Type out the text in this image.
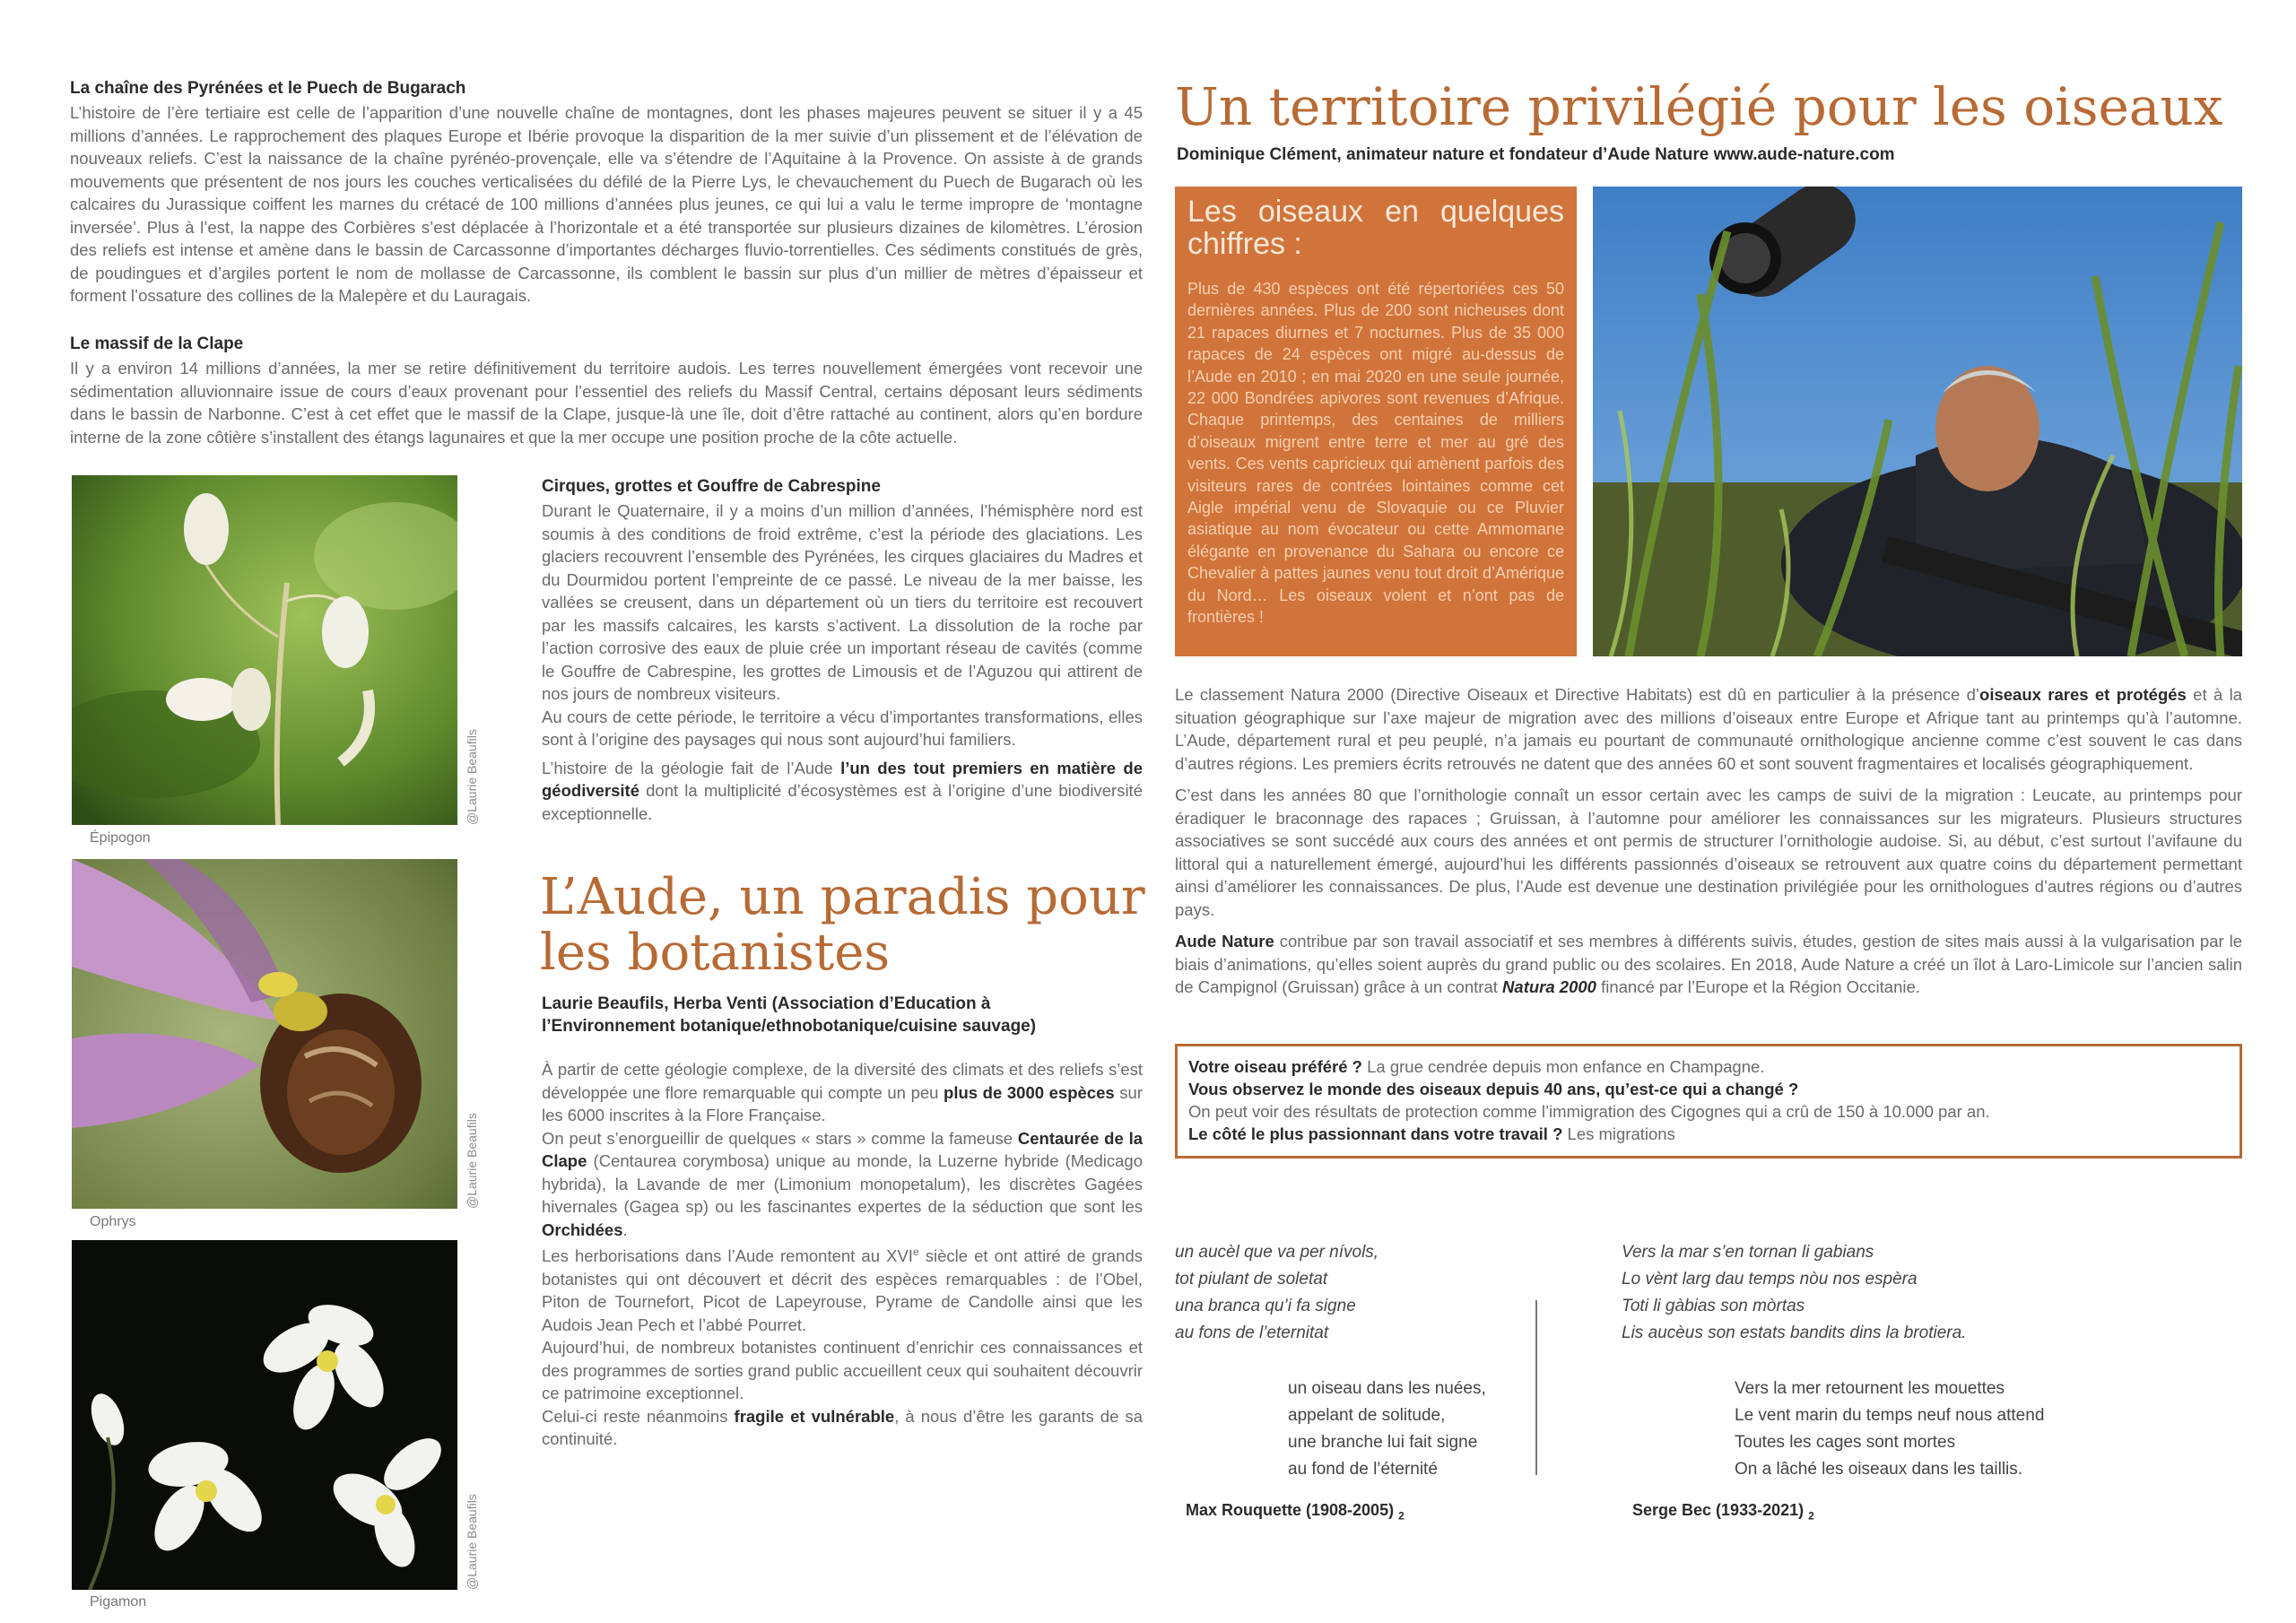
La chaîne des Pyrénées et le Puech de Bugarach

L’histoire de l’ère tertiaire est celle de l’apparition d’une nouvelle chaîne de montagnes, dont les phases majeures peuvent se situer il y a 45 millions d’années. Le rapprochement des plaques Europe et Ibérie provoque la disparition de la mer suivie d’un plissement et de l’élévation de nouveaux reliefs. C’est la naissance de la chaîne pyrénéo-provençale, elle va s’étendre de l’Aquitaine à la Provence. On assiste à de grands mouvements que présentent de nos jours les couches verticalisées du défilé de la Pierre Lys, le chevauchement du Puech de Bugarach où les calcaires du Jurassique coiffent les marnes du crétacé de 100 millions d’années plus jeunes, ce qui lui a valu le terme impropre de ‘montagne inversée’. Plus à l’est, la nappe des Corbières s’est déplacée à l’horizontale et a été transportée sur plusieurs dizaines de kilomètres. L’érosion des reliefs est intense et amène dans le bassin de Carcassonne d’importantes décharges fluvio-torrentielles. Ces sédiments constitués de grès, de poudingues et d’argiles portent le nom de mollasse de Carcassonne, ils comblent le bassin sur plus d’un millier de mètres d’épaisseur et forment l’ossature des collines de la Malepère et du Lauragais.

Le massif de la Clape

Il y a environ 14 millions d’années, la mer se retire définitivement du territoire audois. Les terres nouvellement émergées vont recevoir une sédimentation alluvionnaire issue de cours d’eaux provenant pour l’essentiel des reliefs du Massif Central, certains déposant leurs sédiments dans le bassin de Narbonne. C’est à cet effet que le massif de la Clape, jusque-là une île, doit d’être rattaché au continent, alors qu’en bordure interne de la zone côtière s’installent des étangs lagunaires et que la mer occupe une position proche de la côte actuelle.

@Laurie Beaufils
Épipogon
@Laurie Beaufils
Ophrys
@Laurie Beaufils
Pigamon
Cirques, grottes et Gouffre de Cabrespine

Durant le Quaternaire, il y a moins d’un million d’années, l’hémisphère nord est soumis à des conditions de froid extrême, c’est la période des glaciations. Les glaciers recouvrent l’ensemble des Pyrénées, les cirques glaciaires du Madres et du Dourmidou portent l’empreinte de ce passé. Le niveau de la mer baisse, les vallées se creusent, dans un département où un tiers du territoire est recouvert par les massifs calcaires, les karsts s’activent. La dissolution de la roche par l’action corrosive des eaux de pluie crée un important réseau de cavités (comme le Gouffre de Cabrespine, les grottes de Limousis et de l’Aguzou qui attirent de nos jours de nombreux visiteurs.

Au cours de cette période, le territoire a vécu d’importantes transformations, elles sont à l’origine des paysages qui nous sont aujourd’hui familiers.

L’histoire de la géologie fait de l’Aude l’un des tout premiers en matière de géodiversité dont la multiplicité d’écosystèmes est à l’origine d’une biodiversité exceptionnelle.

L’Aude, un paradis pour
les botanistes
Laurie Beaufils, Herba Venti (Association d’Education à l’Environnement botanique/ethnobotanique/cuisine sauvage)

À partir de cette géologie complexe, de la diversité des climats et des reliefs s’est développée une flore remarquable qui compte un peu plus de 3000 espèces sur les 6000 inscrites à la Flore Française.

On peut s’enorgueillir de quelques « stars » comme la fameuse Centaurée de la Clape (Centaurea corymbosa) unique au monde, la Luzerne hybride (Medicago hybrida), la Lavande de mer (Limonium monopetalum), les discrètes Gagées hivernales (Gagea sp) ou les fascinantes expertes de la séduction que sont les Orchidées.

Les herborisations dans l’Aude remontent au XVIe siècle et ont attiré de grands botanistes qui ont découvert et décrit des espèces remarquables : de l’Obel, Piton de Tournefort, Picot de Lapeyrouse, Pyrame de Candolle ainsi que les Audois Jean Pech et l’abbé Pourret.

Aujourd’hui, de nombreux botanistes continuent d’enrichir ces connaissances et des programmes de sorties grand public accueillent ceux qui souhaitent découvrir ce patrimoine exceptionnel.

Celui-ci reste néanmoins fragile et vulnérable, à nous d’être les garants de sa continuité.

Un territoire privilégié pour les oiseaux
Dominique Clément, animateur nature et fondateur d’Aude Nature www.aude-nature.com
Les oiseaux en quelques chiffres :
Plus de 430 espèces ont été répertoriées ces 50 dernières années. Plus de 200 sont nicheuses dont 21 rapaces diurnes et 7 nocturnes. Plus de 35 000 rapaces de 24 espèces ont migré au-dessus de l’Aude en 2010 ; en mai 2020 en une seule journée, 22 000 Bondrées apivores sont revenues d’Afrique. Chaque printemps, des centaines de milliers d’oiseaux migrent entre terre et mer au gré des vents. Ces vents capricieux qui amènent parfois des visiteurs rares de contrées lointaines comme cet Aigle impérial venu de Slovaquie ou ce Pluvier asiatique au nom évocateur ou cette Ammomane élégante en provenance du Sahara ou encore ce Chevalier à pattes jaunes venu tout droit d’Amérique du Nord… Les oiseaux volent et n’ont pas de frontières !

Le classement Natura 2000 (Directive Oiseaux et Directive Habitats) est dû en particulier à la présence d’oiseaux rares et protégés et à la situation géographique sur l’axe majeur de migration avec des millions d’oiseaux entre Europe et Afrique tant au printemps qu’à l’automne. L’Aude, département rural et peu peuplé, n’a jamais eu pourtant de communauté ornithologique ancienne comme c’est souvent le cas dans d’autres régions. Les premiers écrits retrouvés ne datent que des années 60 et sont souvent fragmentaires et localisés géographiquement.

C’est dans les années 80 que l’ornithologie connaît un essor certain avec les camps de suivi de la migration : Leucate, au printemps pour éradiquer le braconnage des rapaces ; Gruissan, à l’automne pour améliorer les connaissances sur les migrateurs. Plusieurs structures associatives se sont succédé aux cours des années et ont permis de structurer l’ornithologie audoise. Si, au début, c’est surtout l’avifaune du littoral qui a naturellement émergé, aujourd’hui les différents passionnés d’oiseaux se retrouvent aux quatre coins du département permettant ainsi d’améliorer les connaissances. De plus, l’Aude est devenue une destination privilégiée pour les ornithologues d’autres régions ou d’autres pays.

Aude Nature contribue par son travail associatif et ses membres à différents suivis, études, gestion de sites mais aussi à la vulgarisation par le biais d’animations, qu’elles soient auprès du grand public ou des scolaires. En 2018, Aude Nature a créé un îlot à Laro-Limicole sur l’ancien salin de Campignol (Gruissan) grâce à un contrat Natura 2000 financé par l’Europe et la Région Occitanie.

Votre oiseau préféré ? La grue cendrée depuis mon enfance en Champagne.
Vous observez le monde des oiseaux depuis 40 ans, qu’est-ce qui a changé ?
On peut voir des résultats de protection comme l’immigration des Cigognes qui a crû de 150 à 10.000 par an.
Le côté le plus passionnant dans votre travail ? Les migrations
un aucèl que va per nívols,
tot piulant de soletat
una branca qu’i fa signe
au fons de l’eternitat
un oiseau dans les nuées,
appelant de solitude,
une branche lui fait signe
au fond de l’éternité
Max Rouquette (1908-2005) $_2$
Vers la mar s’en tornan li gabians
Lo vènt larg dau temps nòu nos espèra
Toti li gàbias son mòrtas
Lis aucèus son estats bandits dins la brotiera.
Vers la mer retournent les mouettes
Le vent marin du temps neuf nous attend
Toutes les cages sont mortes
On a lâché les oiseaux dans les taillis.
Serge Bec (1933-2021) $_2$
